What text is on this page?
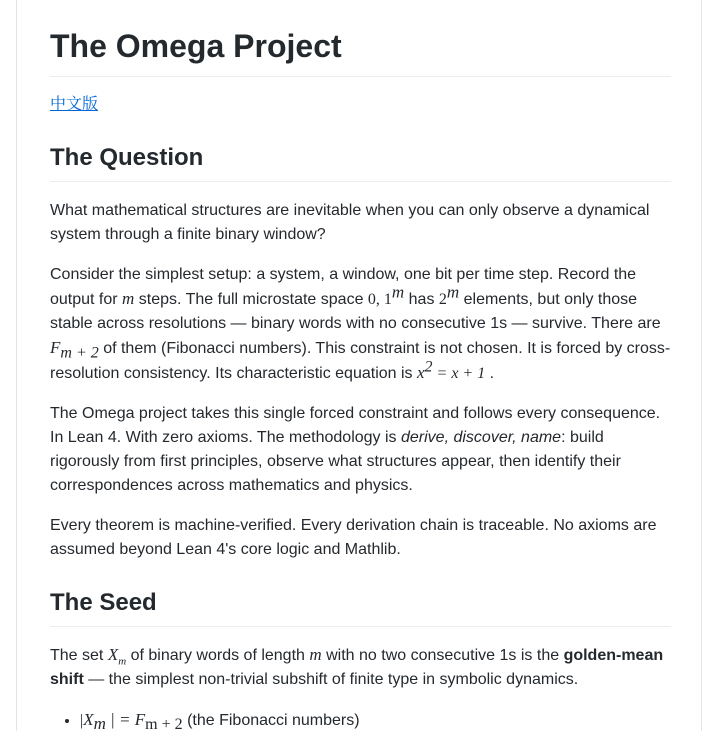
The Omega Project

中文版

The Question

What mathematical structures are inevitable when you can only observe a dynamical system through a finite binary window?

Consider the simplest setup: a system, a window, one bit per time step. Record the output for m steps. The full microstate space 0, 1$^m$ has 2$^m$ elements, but only those stable across resolutions — binary words with no consecutive 1s — survive. There are $F_{m + 2}$ of them (Fibonacci numbers). This constraint is not chosen. It is forced by cross-resolution consistency. Its characteristic equation is $x^2 = x + 1$ .

The Omega project takes this single forced constraint and follows every consequence. In Lean 4. With zero axioms. The methodology is derive, discover, name: build rigorously from first principles, observe what structures appear, then identify their correspondences across mathematics and physics.

Every theorem is machine-verified. Every derivation chain is traceable. No axioms are assumed beyond Lean 4's core logic and Mathlib.

The Seed

The set $X_m$ of binary words of length m with no two consecutive 1s is the golden-mean shift — the simplest non-trivial subshift of finite type in symbolic dynamics.

• $|X_m$ | = $F_{m + 2}$ (the Fibonacci numbers)
